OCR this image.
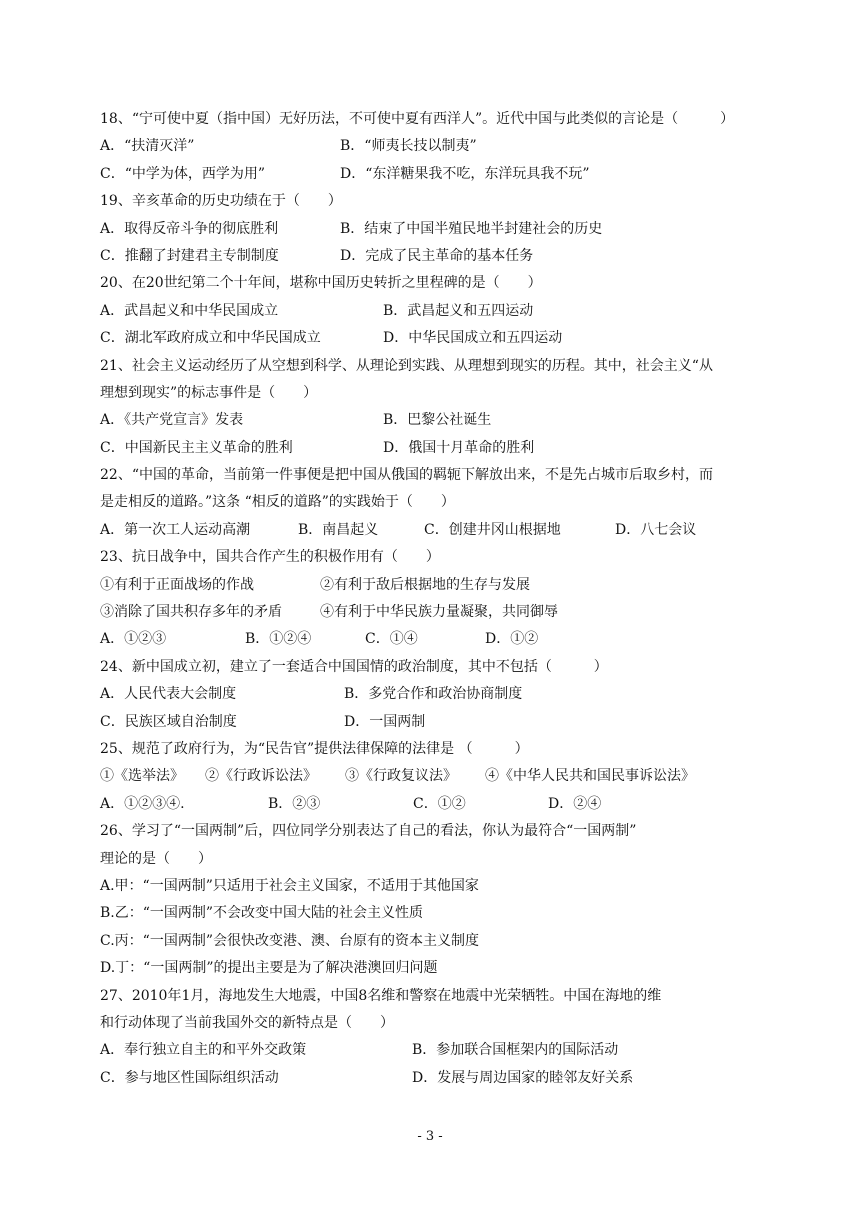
18、“宁可使中夏（指中国）无好历法，不可使中夏有西洋人”。近代中国与此类似的言论是（　　　）
A．“扶清灭洋”	B．“师夷长技以制夷”
C．“中学为体，西学为用”	D．“东洋糖果我不吃，东洋玩具我不玩”
19、辛亥革命的历史功绩在于（　　）
A．取得反帝斗争的彻底胜利	B．结束了中国半殖民地半封建社会的历史
C．推翻了封建君主专制制度	D．完成了民主革命的基本任务
20、在20世纪第二个十年间，堪称中国历史转折之里程碑的是（　　）
A．武昌起义和中华民国成立	B．武昌起义和五四运动
C．湖北军政府成立和中华民国成立	D．中华民国成立和五四运动
21、社会主义运动经历了从空想到科学、从理论到实践、从理想到现实的历程。其中，社会主义“从
理想到现实”的标志事件是（　　）
A．《共产党宣言》发表	B．巴黎公社诞生
C．中国新民主主义革命的胜利	D．俄国十月革命的胜利
22、“中国的革命，当前第一件事便是把中国从俄国的羁轭下解放出来，不是先占城市后取乡村，而
是走相反的道路。”这条 “相反的道路”的实践始于（　　）
A．第一次工人运动高潮	B．南昌起义	C．创建井冈山根据地	D．八七会议
23、抗日战争中，国共合作产生的积极作用有（　　）
①有利于正面战场的作战	②有利于敌后根据地的生存与发展
③消除了国共积存多年的矛盾	④有利于中华民族力量凝聚，共同御辱
A．①②③	B．①②④	C．①④	D．①②
24、新中国成立初，建立了一套适合中国国情的政治制度，其中不包括（　　　）
A．人民代表大会制度	B．多党合作和政治协商制度
C．民族区域自治制度	D．一国两制
25、规范了政府行为，为“民告官”提供法律保障的法律是 （　　　）
①《选举法》 ②《行政诉讼法》 ③《行政复议法》 ④《中华人民共和国民事诉讼法》
A．①②③④.	B．②③	C．①②	D．②④
26、学习了“一国两制”后，四位同学分别表达了自己的看法，你认为最符合“一国两制”
理论的是（　　）
A.甲：“一国两制”只适用于社会主义国家，不适用于其他国家
B.乙：“一国两制”不会改变中国大陆的社会主义性质
C.丙：“一国两制”会很快改变港、澳、台原有的资本主义制度
D.丁：“一国两制”的提出主要是为了解决港澳回归问题
27、2010年1月，海地发生大地震，中国8名维和警察在地震中光荣牺牲。中国在海地的维
和行动体现了当前我国外交的新特点是（　　）
A．奉行独立自主的和平外交政策	B．参加联合国框架内的国际活动
C．参与地区性国际组织活动	D．发展与周边国家的睦邻友好关系
- 3 -
